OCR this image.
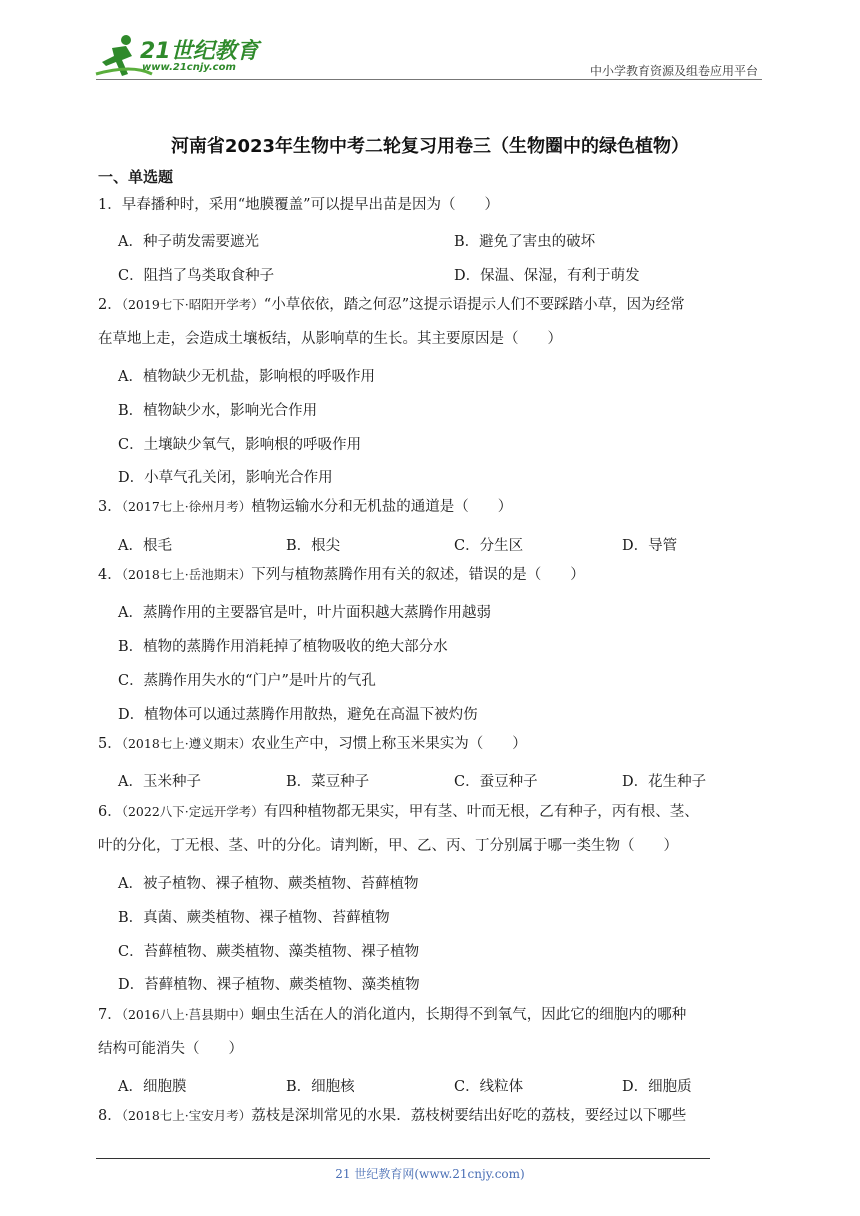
21世纪教育
www.21cnjy.com	中小学教育资源及组卷应用平台
河南省2023年生物中考二轮复习用卷三（生物圈中的绿色植物）
一、单选题
1．早春播种时，采用“地膜覆盖”可以提早出苗是因为（　　）
A．种子萌发需要遮光	B．避免了害虫的破坏
C．阻挡了鸟类取食种子	D．保温、保湿，有利于萌发
2．（2019七下·昭阳开学考）“小草依依，踏之何忍”这提示语提示人们不要踩踏小草，因为经常
在草地上走，会造成土壤板结，从影响草的生长。其主要原因是（　　）
A．植物缺少无机盐，影响根的呼吸作用
B．植物缺少水，影响光合作用
C．土壤缺少氧气，影响根的呼吸作用
D．小草气孔关闭，影响光合作用
3．（2017七上·徐州月考）植物运输水分和无机盐的通道是（　　）
A．根毛	B．根尖	C．分生区	D．导管
4．（2018七上·岳池期末）下列与植物蒸腾作用有关的叙述，错误的是（　　）
A．蒸腾作用的主要器官是叶，叶片面积越大蒸腾作用越弱
B．植物的蒸腾作用消耗掉了植物吸收的绝大部分水
C．蒸腾作用失水的“门户”是叶片的气孔
D．植物体可以通过蒸腾作用散热，避免在高温下被灼伤
5．（2018七上·遵义期末）农业生产中，习惯上称玉米果实为（　　）
A．玉米种子	B．菜豆种子	C．蚕豆种子	D．花生种子
6．（2022八下·定远开学考）有四种植物都无果实，甲有茎、叶而无根，乙有种子，丙有根、茎、
叶的分化，丁无根、茎、叶的分化。请判断，甲、乙、丙、丁分别属于哪一类生物（　　）
A．被子植物、裸子植物、蕨类植物、苔藓植物
B．真菌、蕨类植物、裸子植物、苔藓植物
C．苔藓植物、蕨类植物、藻类植物、裸子植物
D．苔藓植物、裸子植物、蕨类植物、藻类植物
7．（2016八上·莒县期中）蛔虫生活在人的消化道内，长期得不到氧气，因此它的细胞内的哪种
结构可能消失（　　）
A．细胞膜	B．细胞核	C．线粒体	D．细胞质
8．（2018七上·宝安月考）荔枝是深圳常见的水果．荔枝树要结出好吃的荔枝，要经过以下哪些
21 世纪教育网(www.21cnjy.com)
